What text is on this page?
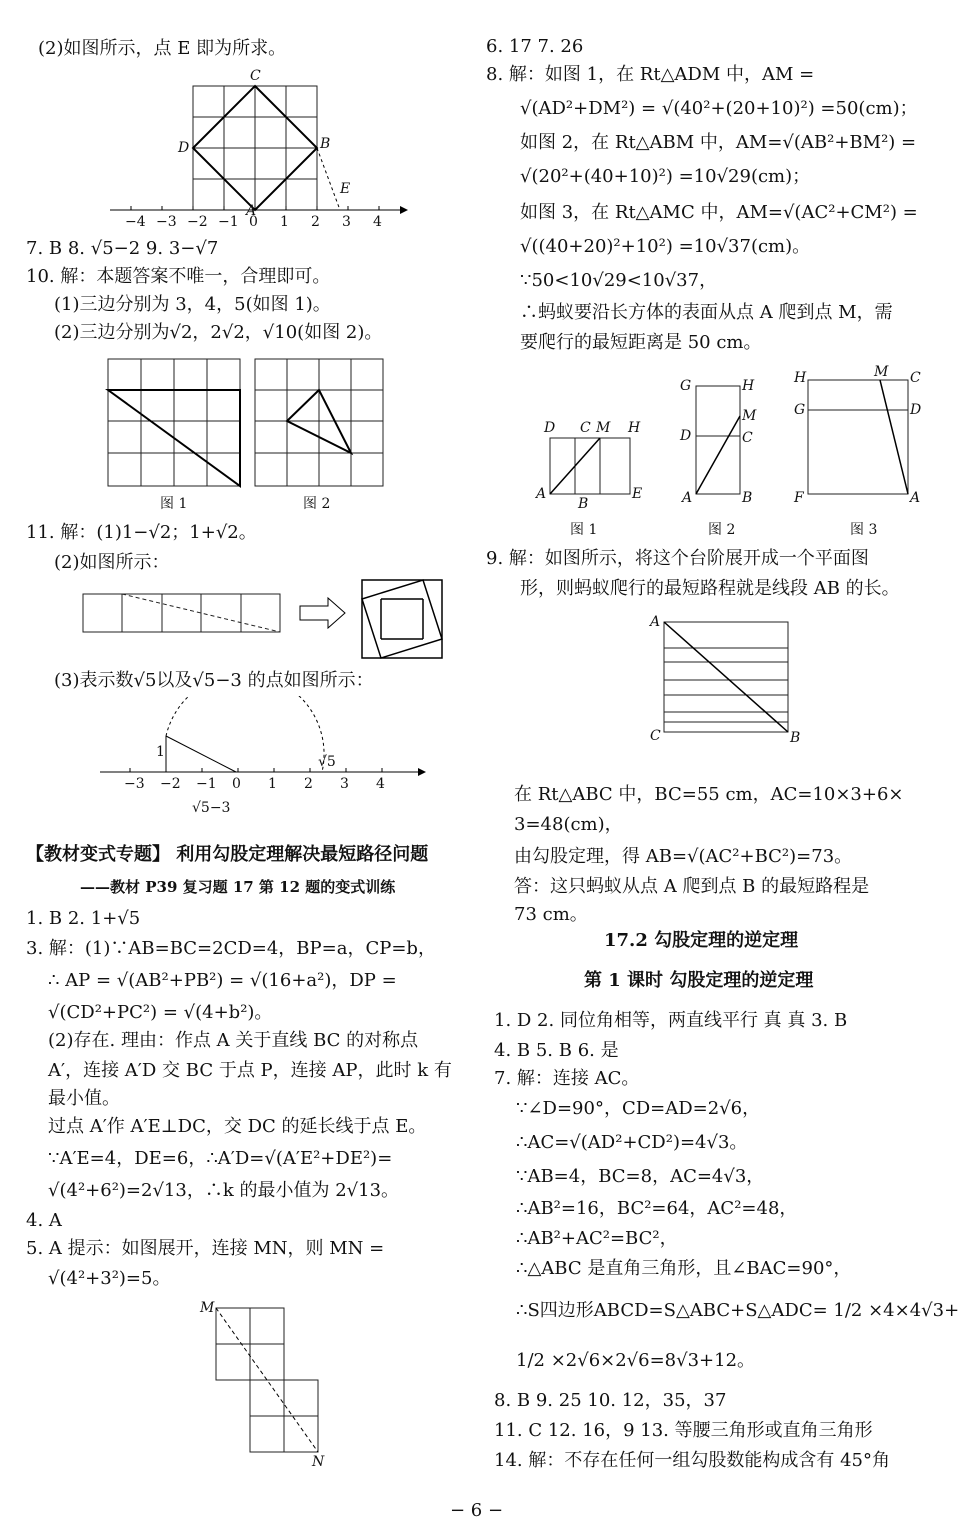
(2)如图所示，点 E 即为所求。
C
D	B
E
A
−4 −3 −2 −1 0 1 2 3 4
7. B 8. √5−2 9. 3−√7
10. 解：本题答案不唯一，合理即可。
(1)三边分别为 3，4，5(如图 1)。
(2)三边分别为√2，2√2，√10(如图 2)。
图 1	图 2
11. 解：(1)1−√2；1+√2。
(2)如图所示：
(3)表示数√5以及√5−3 的点如图所示：
1
√5
√5−3
−3 −2 −1 0 1 2 3 4
【教材变式专题】 利用勾股定理解决最短路径问题
——教材 P39 复习题 17 第 12 题的变式训练
1. B 2. 1+√5
3. 解：(1)∵AB=BC=2CD=4，BP=a，CP=b，
∴ AP = √(AB²+PB²) = √(16+a²)，DP =
√(CD²+PC²) = √(4+b²)。
(2)存在. 理由：作点 A 关于直线 BC 的对称点
A′，连接 A′D 交 BC 于点 P，连接 AP，此时 k 有
最小值。
过点 A′作 A′E⊥DC，交 DC 的延长线于点 E。
∵A′E=4，DE=6，∴A′D=√(A′E²+DE²)=
√(4²+6²)=2√13，∴k 的最小值为 2√13。
4. A
5. A 提示：如图展开，连接 MN，则 MN =
√(4²+3²)=5。
M
N
6. 17 7. 26
8. 解：如图 1，在 Rt△ADM 中，AM =
√(AD²+DM²) = √(40²+(20+10)²) =50(cm)；
如图 2，在 Rt△ABM 中，AM=√(AB²+BM²) =
√(20²+(40+10)²) =10√29(cm)；
如图 3，在 Rt△AMC 中，AM=√(AC²+CM²) =
√((40+20)²+10²) =10√37(cm)。
∵50<10√29<10√37，
∴蚂蚁要沿长方体的表面从点 A 爬到点 M，需
要爬行的最短距离是 50 cm。
D C M H
A
B
E
G	H
M
D	C
A	B
H	M C
G	D
F	A
图 1	图 2	图 3
9. 解：如图所示，将这个台阶展开成一个平面图
形，则蚂蚁爬行的最短路程就是线段 AB 的长。
A
B
C
在 Rt△ABC 中，BC=55 cm，AC=10×3+6×
3=48(cm)，
由勾股定理，得 AB=√(AC²+BC²)=73。
答：这只蚂蚁从点 A 爬到点 B 的最短路程是
73 cm。
17.2 勾股定理的逆定理
第 1 课时 勾股定理的逆定理
1. D 2. 同位角相等，两直线平行 真 真 3. B
4. B 5. B 6. 是
7. 解：连接 AC。
∵∠D=90°，CD=AD=2√6，
∴AC=√(AD²+CD²)=4√3。
∵AB=4，BC=8，AC=4√3，
∴AB²=16，BC²=64，AC²=48，
∴AB²+AC²=BC²，
∴△ABC 是直角三角形，且∠BAC=90°，
∴S四边形ABCD=S△ABC+S△ADC= 1/2 ×4×4√3+
1/2 ×2√6×2√6=8√3+12。
8. B 9. 25 10. 12，35，37
11. C 12. 16，9 13. 等腰三角形或直角三角形
14. 解：不存在任何一组勾股数能构成含有 45°角
− 6 −
